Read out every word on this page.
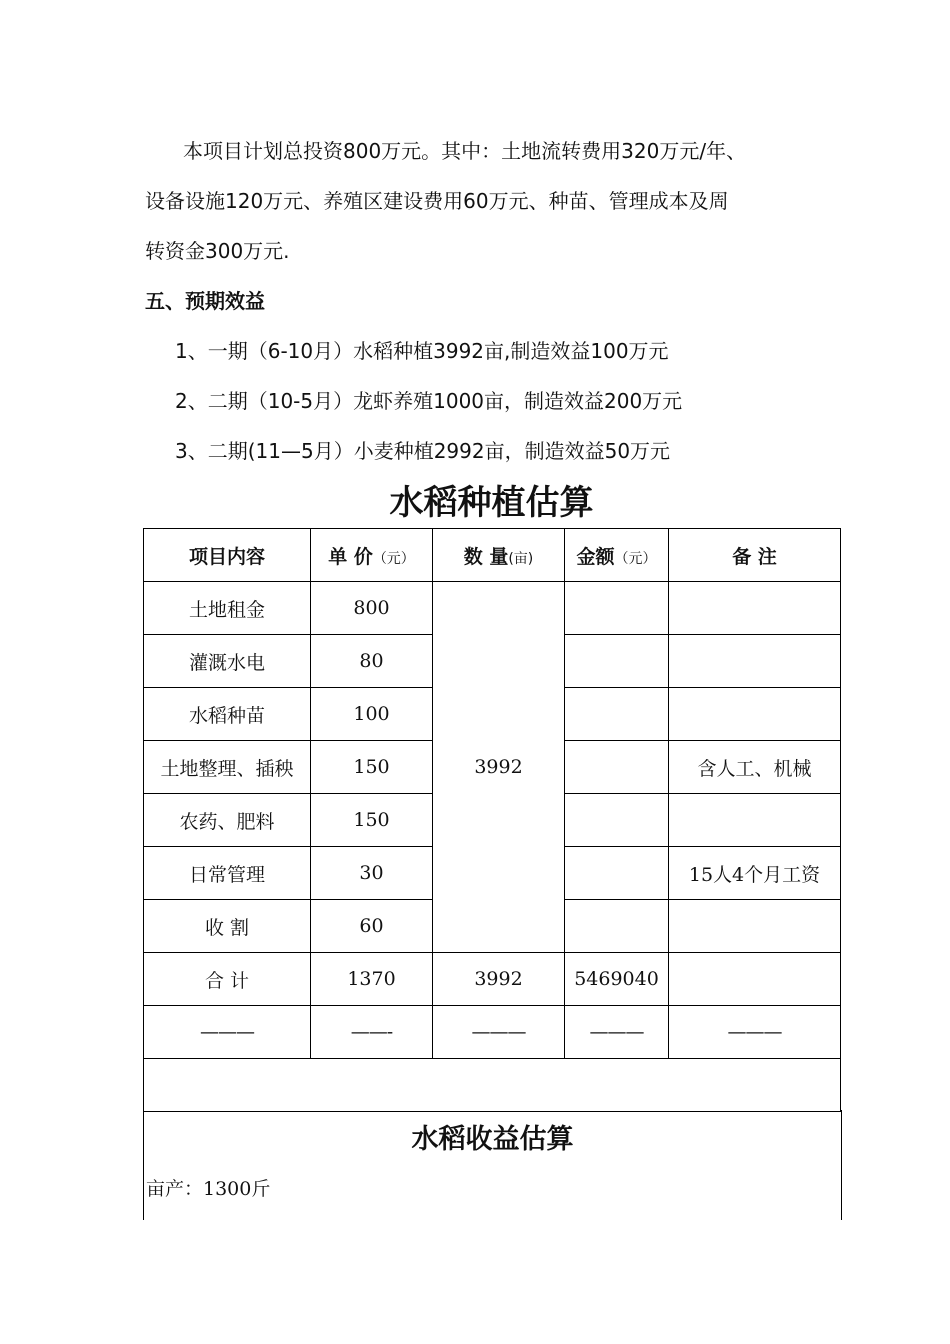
本项目计划总投资800万元。其中：土地流转费用320万元/年、
设备设施120万元、养殖区建设费用60万元、种苗、管理成本及周
转资金300万元.

五、预期效益

1、一期（6-10月）水稻种植3992亩,制造效益100万元
2、二期（10-5月）龙虾养殖1000亩，制造效益200万元
3、二期(11—5月）小麦种植2992亩，制造效益50万元
水稻种植估算
项目内容	单 价（元）	数 量(亩)	金额（元）	备 注
土地租金	800	3992		
灌溉水电	80			
水稻种苗	100			
土地整理、插秧	150			含人工、机械
农药、肥料	150			
日常管理	30			15人4个月工资
收 割	60			
合 计	1370	3992	5469040	
———	——-	———	———	———

水稻收益估算

亩产：1300斤
